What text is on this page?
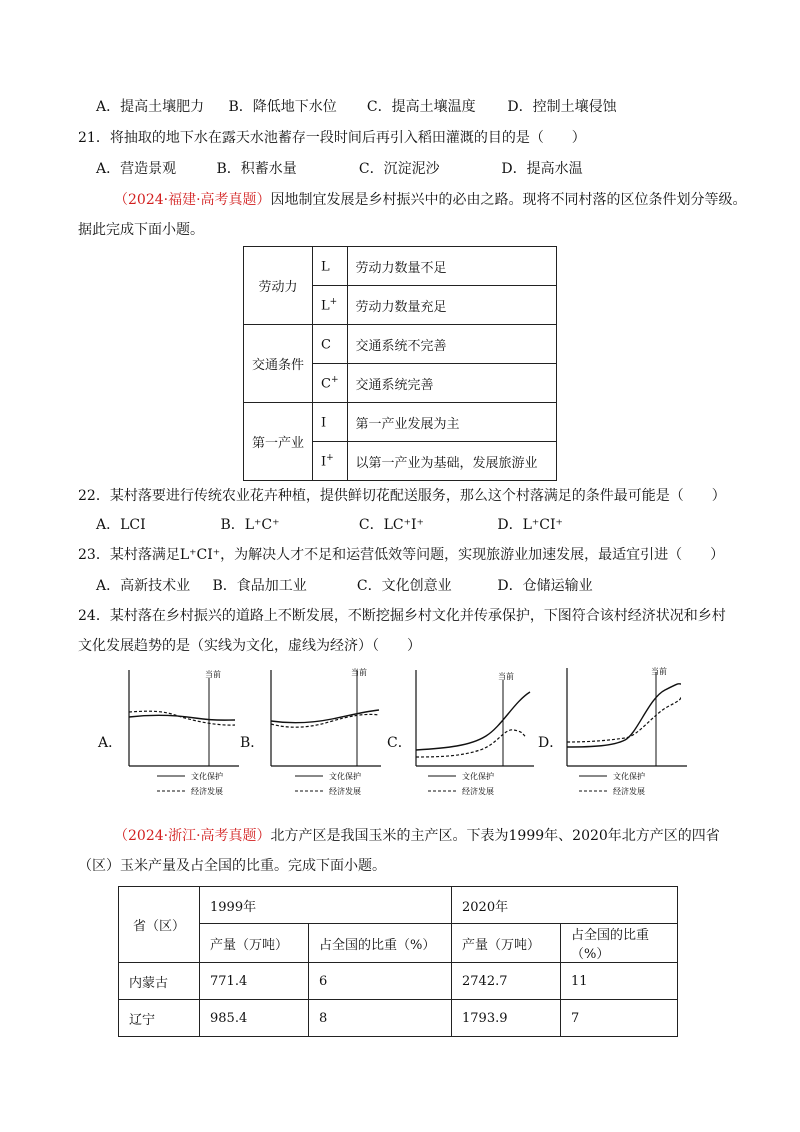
A．提高土壤肥力 B．降低地下水位 C．提高土壤温度 D．控制土壤侵蚀
21．将抽取的地下水在露天水池蓄存一段时间后再引入稻田灌溉的目的是（　　）
A．营造景观	B．积蓄水量	C．沉淀泥沙	D．提高水温
（2024·福建·高考真题）因地制宜发展是乡村振兴中的必由之路。现将不同村落的区位条件划分等级。
据此完成下面小题。
劳动力	L	劳动力数量不足
	L+	劳动力数量充足
交通条件	C	交通系统不完善
	C+	交通系统完善
第一产业	I	第一产业发展为主
	I+	以第一产业为基础，发展旅游业
22．某村落要进行传统农业花卉种植，提供鲜切花配送服务，那么这个村落满足的条件最可能是（　　）
A．LCI	B．L⁺C⁺	C．LC⁺I⁺	D．L⁺CI⁺
23．某村落满足L⁺CI⁺，为解决人才不足和运营低效等问题，实现旅游业加速发展，最适宜引进（　　）
A．高新技术业 B．食品加工业	C．文化创意业	D．仓储运输业
24．某村落在乡村振兴的道路上不断发展，不断挖掘乡村文化并传承保护，下图符合该村经济状况和乡村
文化发展趋势的是（实线为文化，虚线为经济）（　　）
A．
当前
文化保护
经济发展
B．
当前
文化保护
经济发展
C．
当前
文化保护
经济发展
D．
当前
文化保护
经济发展
（2024·浙江·高考真题）北方产区是我国玉米的主产区。下表为1999年、2020年北方产区的四省
（区）玉米产量及占全国的比重。完成下面小题。
省（区）	1999年		2020年	
	产量（万吨）	占全国的比重（%）	产量（万吨）	占全国的比重（%）
内蒙古	771.4	6	2742.7	11
辽宁	985.4	8	1793.9	7
